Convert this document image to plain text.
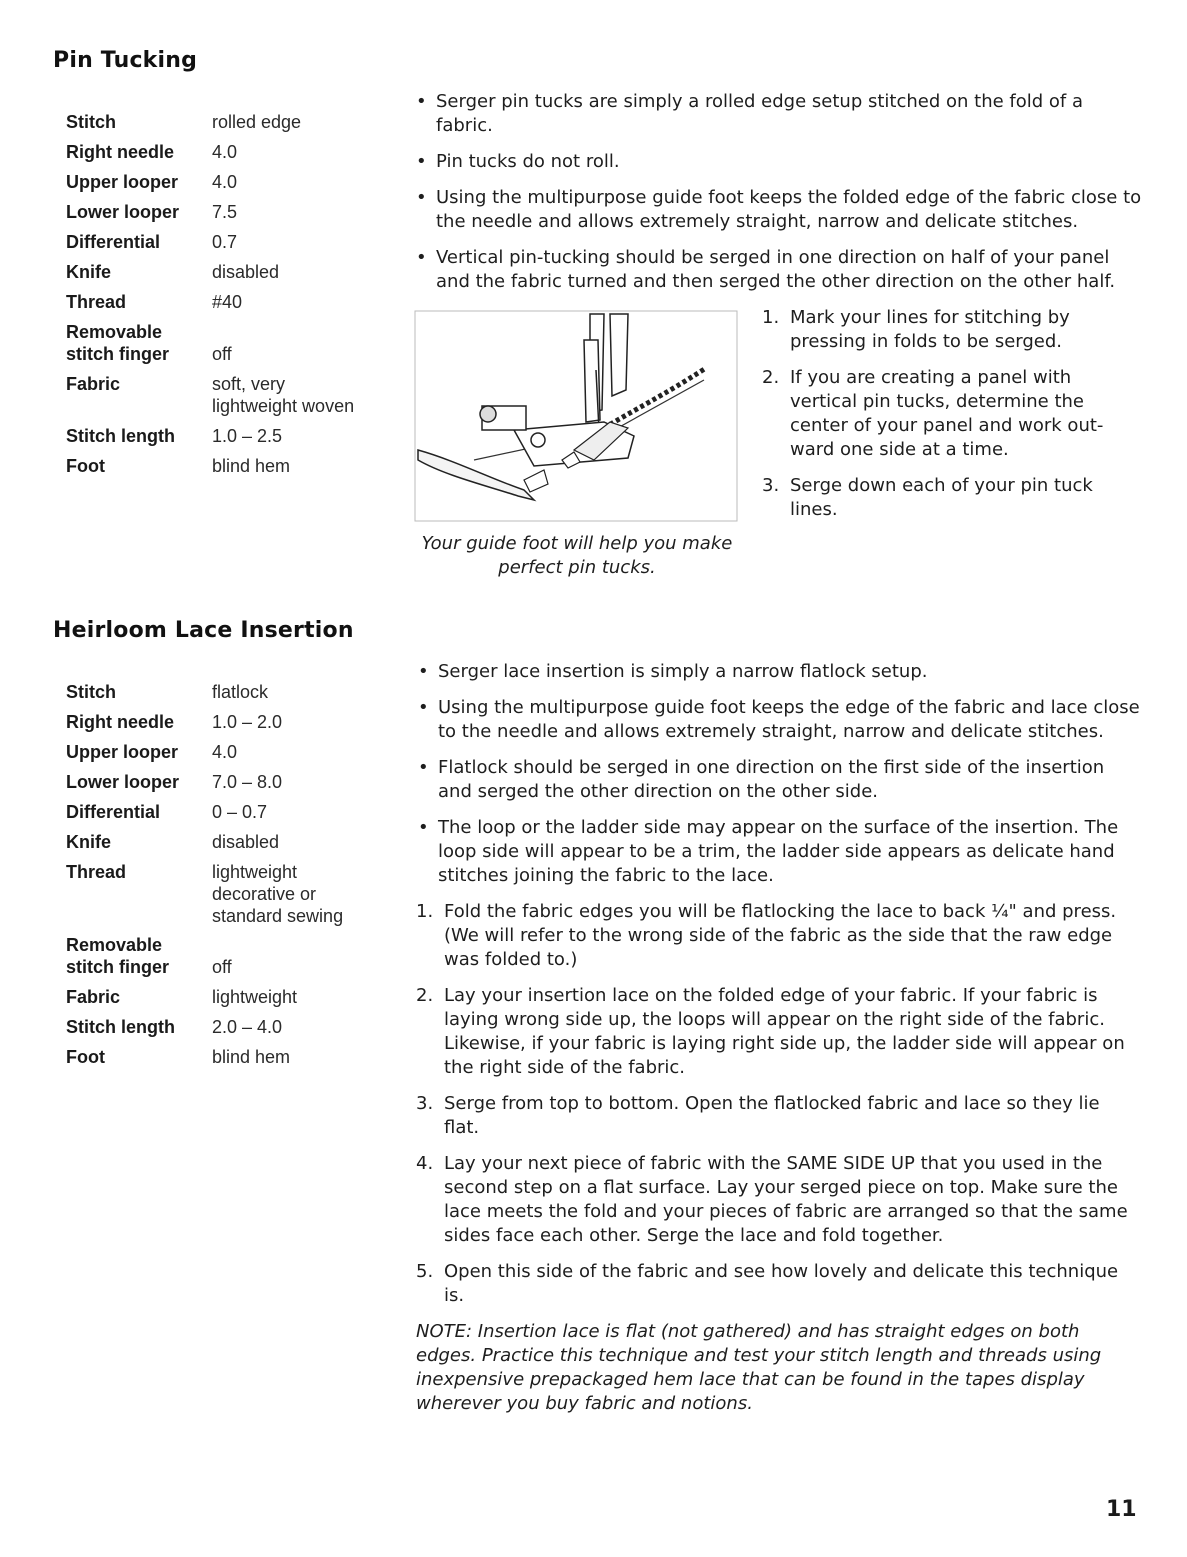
Pin Tucking
Stitch	rolled edge
Right needle	4.0
Upper looper	4.0
Lower looper	7.5
Differential	0.7
Knife	disabled
Thread	#40
Removable
stitch finger	off
Fabric	soft, very
lightweight woven
Stitch length	1.0 – 2.5
Foot	blind hem
• Serger pin tucks are simply a rolled edge setup stitched on the fold of a fabric.
• Pin tucks do not roll.
• Using the multipurpose guide foot keeps the folded edge of the fabric close to the needle and allows extremely straight, narrow and delicate stitches.
• Vertical pin-tucking should be serged in one direction on half of your panel and the fabric turned and then serged the other direction on the other half.
1. Mark your lines for stitching by pressing in folds to be serged.
2. If you are creating a panel with vertical pin tucks, determine the center of your panel and work out-ward one side at a time.
3. Serge down each of your pin tuck lines.
Your guide foot will help you make perfect pin tucks.
Heirloom Lace Insertion
Stitch	flatlock
Right needle	1.0 – 2.0
Upper looper	4.0
Lower looper	7.0 – 8.0
Differential	0 – 0.7
Knife	disabled
Thread	lightweight
decorative or
standard sewing
Removable
stitch finger	off
Fabric	lightweight
Stitch length	2.0 – 4.0
Foot	blind hem
• Serger lace insertion is simply a narrow flatlock setup.
• Using the multipurpose guide foot keeps the edge of the fabric and lace close to the needle and allows extremely straight, narrow and delicate stitches.
• Flatlock should be serged in one direction on the first side of the insertion and serged the other direction on the other side.
• The loop or the ladder side may appear on the surface of the insertion. The loop side will appear to be a trim, the ladder side appears as delicate hand stitches joining the fabric to the lace.
1. Fold the fabric edges you will be flatlocking the lace to back ¼" and press. (We will refer to the wrong side of the fabric as the side that the raw edge was folded to.)
2. Lay your insertion lace on the folded edge of your fabric. If your fabric is laying wrong side up, the loops will appear on the right side of the fabric. Likewise, if your fabric is laying right side up, the ladder side will appear on the right side of the fabric.
3. Serge from top to bottom. Open the flatlocked fabric and lace so they lie flat.
4. Lay your next piece of fabric with the SAME SIDE UP that you used in the second step on a flat surface. Lay your serged piece on top. Make sure the lace meets the fold and your pieces of fabric are arranged so that the same sides face each other. Serge the lace and fold together.
5. Open this side of the fabric and see how lovely and delicate this technique is.
NOTE: Insertion lace is flat (not gathered) and has straight edges on both edges. Practice this technique and test your stitch length and threads using inexpensive prepackaged hem lace that can be found in the tapes display wherever you buy fabric and notions.
11
